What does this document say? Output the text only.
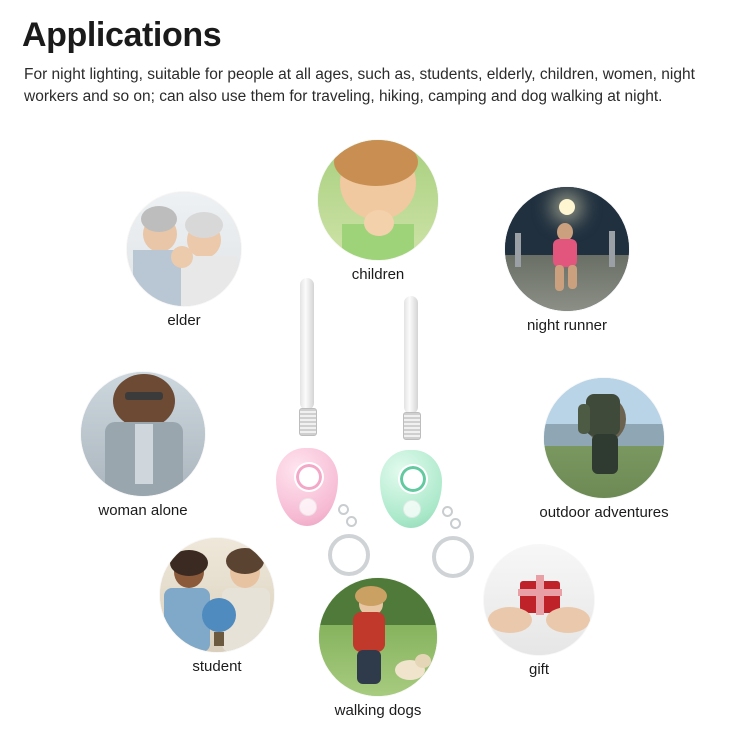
Applications
For night lighting, suitable for people at all ages, such as, students, elderly, children, women, night workers and so on; can also use them for traveling, hiking, camping and dog walking at night.
elder
children
night runner
woman alone	outdoor adventures
student
walking dogs
gift
